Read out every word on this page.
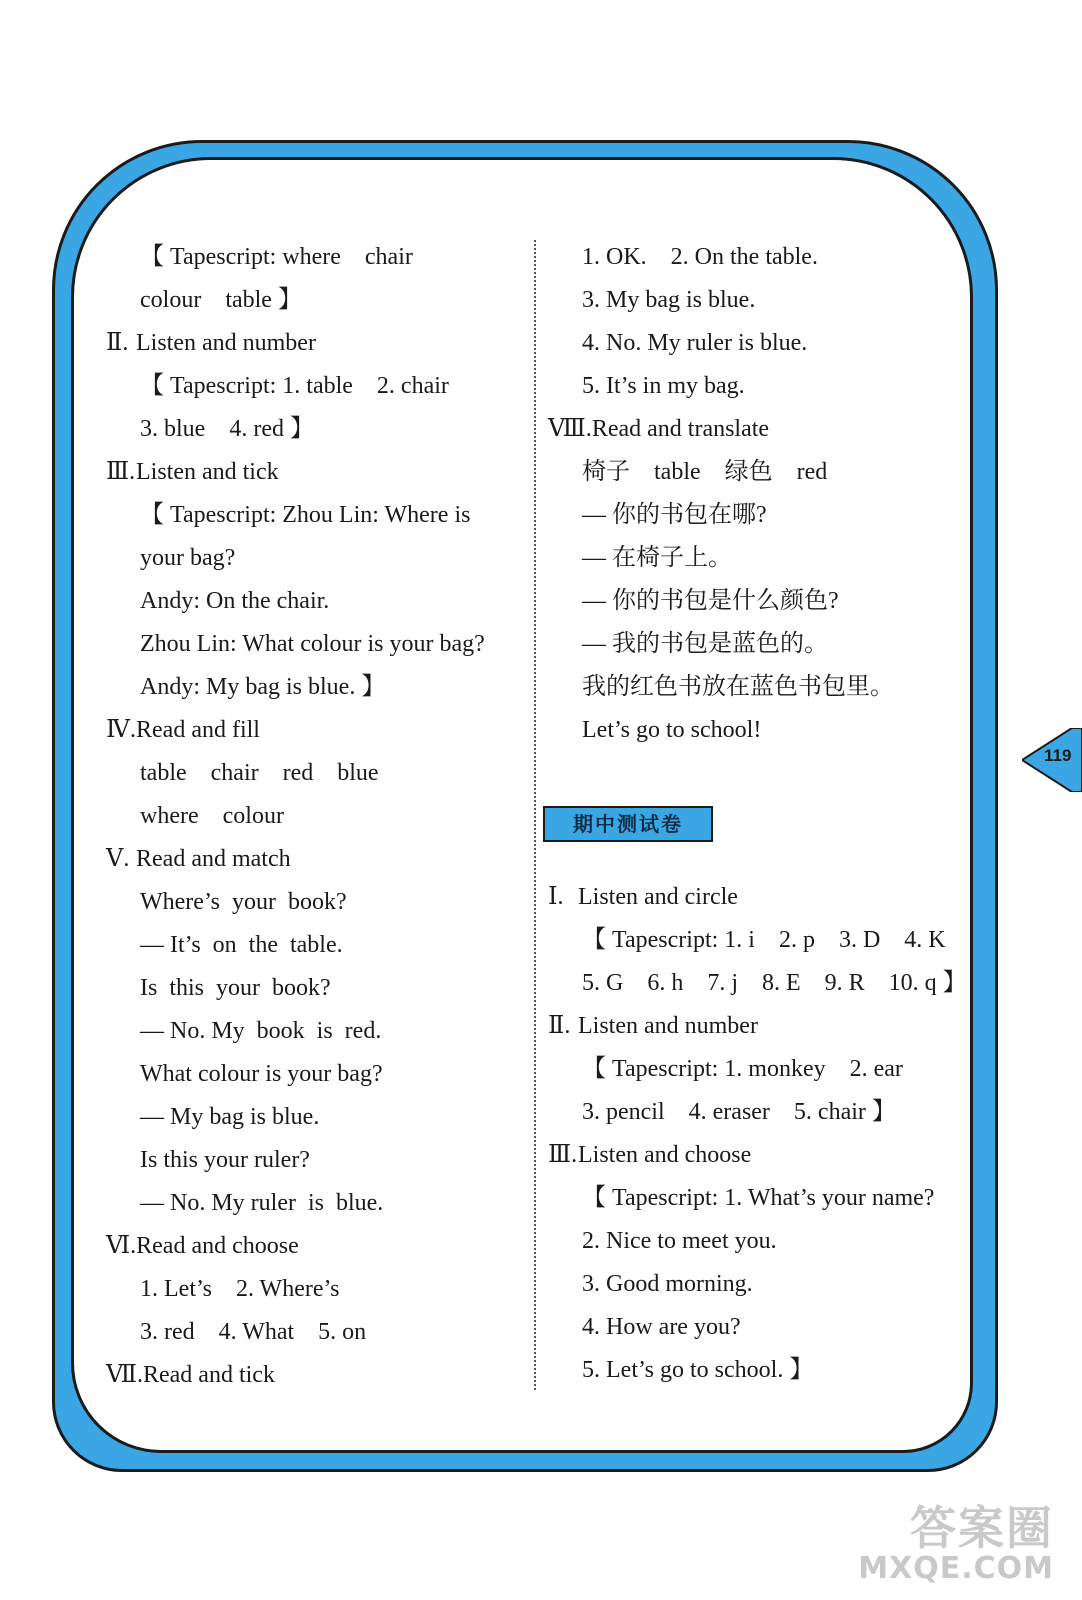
119
【 Tapescript: where    chair
colour    table 】
Ⅱ. Listen and number
【 Tapescript: 1. table    2. chair
3. blue    4. red 】
Ⅲ.Listen and tick
【 Tapescript: Zhou Lin: Where is
your bag?
Andy: On the chair.
Zhou Lin: What colour is your bag?
Andy: My bag is blue. 】
Ⅳ.Read and fill
table    chair    red    blue
where    colour
Ⅴ. Read and match
Where’s  your  book?
— It’s  on  the  table.
Is  this  your  book?
— No. My  book  is  red.
What colour is your bag?
— My bag is blue.
Is this your ruler?
— No. My ruler  is  blue.
Ⅵ.Read and choose
1. Let’s    2. Where’s
3. red    4. What    5. on
Ⅶ.Read and tick
1. OK.    2. On the table.
3. My bag is blue.
4. No. My ruler is blue.
5. It’s in my bag.
Ⅷ.Read and translate
椅子    table    绿色    red
— 你的书包在哪?
— 在椅子上。
— 你的书包是什么颜色?
— 我的书包是蓝色的。
我的红色书放在蓝色书包里。
Let’s go to school!
期中测试卷
Ⅰ. Listen and circle
【 Tapescript: 1. i    2. p    3. D    4. K
5. G    6. h    7. j    8. E    9. R    10. q 】
Ⅱ. Listen and number
【 Tapescript: 1. monkey    2. ear
3. pencil    4. eraser    5. chair 】
Ⅲ.Listen and choose
【 Tapescript: 1. What’s your name?
2. Nice to meet you.
3. Good morning.
4. How are you?
5. Let’s go to school. 】
答案圈
MXQE.COM
